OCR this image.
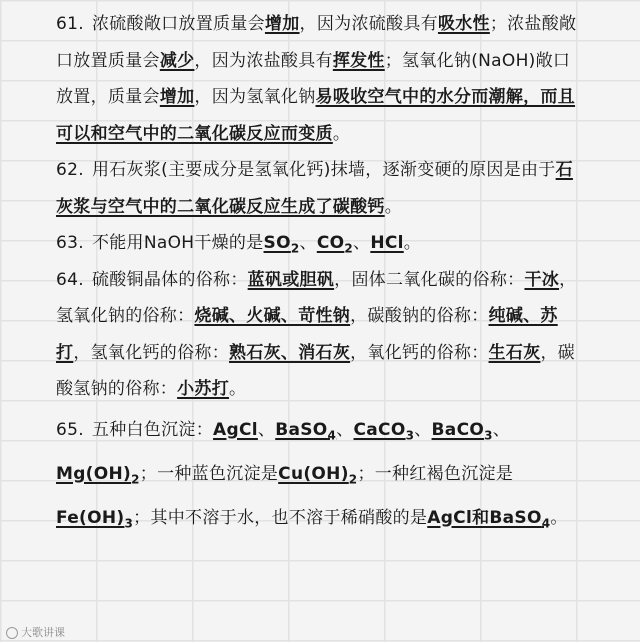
61. 浓硫酸敞口放置质量会增加，因为浓硫酸具有吸水性；浓盐酸敞口放置质量会减少，因为浓盐酸具有挥发性；氢氧化钠(NaOH)敞口放置，质量会增加，因为氢氧化钠易吸收空气中的水分而潮解，而且可以和空气中的二氧化碳反应而变质。

62. 用石灰浆(主要成分是氢氧化钙)抹墙，逐渐变硬的原因是由于石灰浆与空气中的二氧化碳反应生成了碳酸钙。

63. 不能用NaOH干燥的是$SO_2$、$CO_2$、HCl。

64. 硫酸铜晶体的俗称：蓝矾或胆矾，固体二氧化碳的俗称：干冰，氢氧化钠的俗称：烧碱、火碱、苛性钠，碳酸钠的俗称：纯碱、苏打，氢氧化钙的俗称：熟石灰、消石灰，氧化钙的俗称：生石灰，碳酸氢钠的俗称：小苏打。

65. 五种白色沉淀：AgCl、BaSO$_4$、CaCO$_3$、BaCO$_3$、$Mg(OH)_2$；一种蓝色沉淀是$Cu(OH)_2$；一种红褐色沉淀是$Fe(OH)_3$；其中不溶于水，也不溶于稀硝酸的是AgCl和BaSO$_4$。

大歌讲课
